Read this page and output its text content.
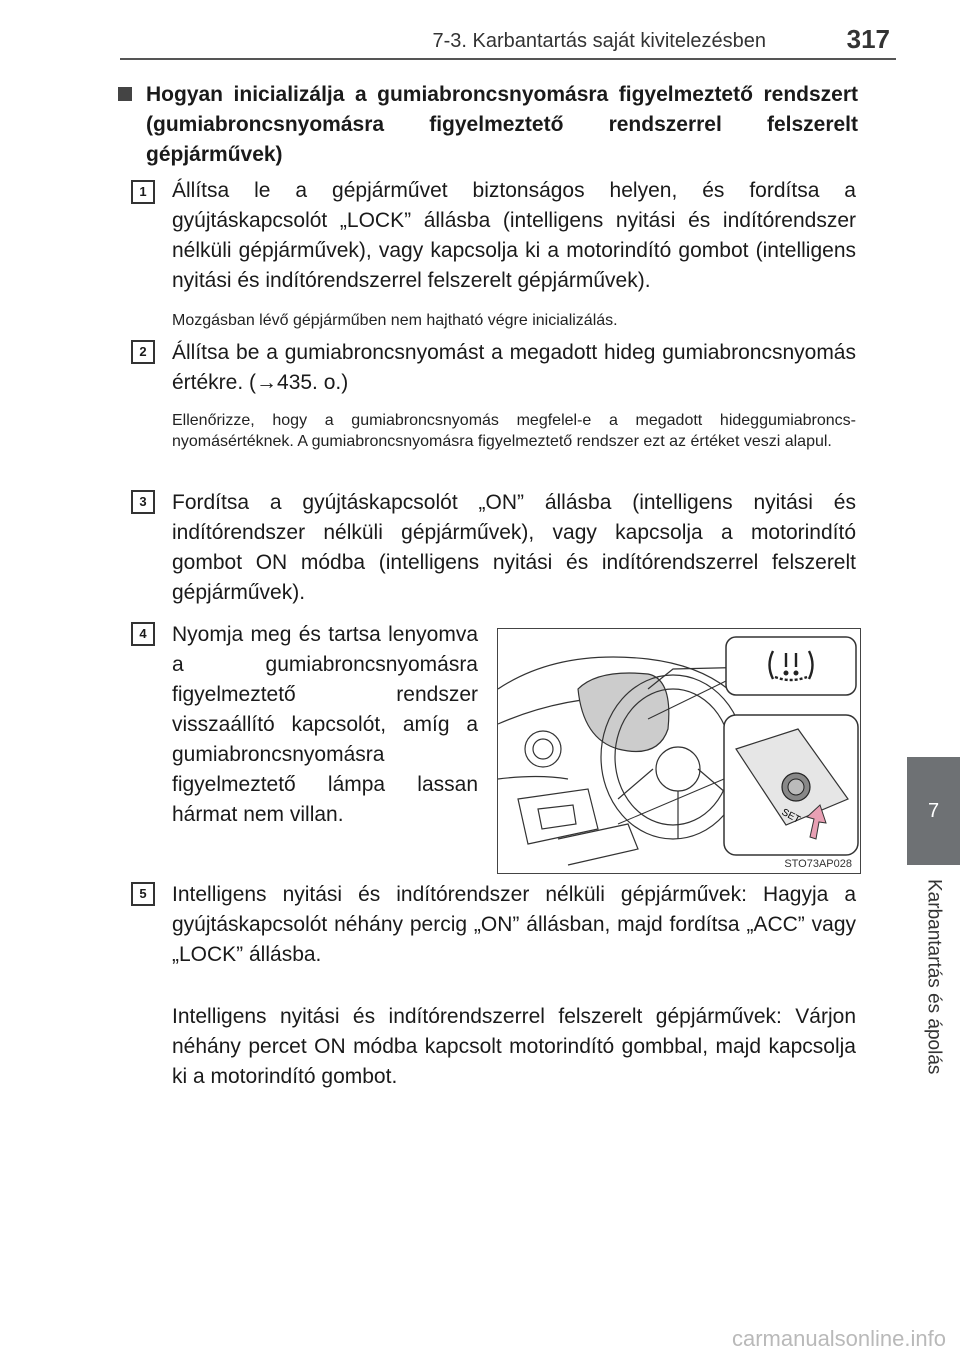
7-3. Karbantartás saját kivitelezésben	317
7
Karbantartás és ápolás
Hogyan inicializálja a gumiabroncsnyomásra figyelmeztető rendszert (gumiabroncsnyomásra figyelmeztető rendszerrel felszerelt gépjárművek)
1	Állítsa le a gépjárművet biztonságos helyen, és fordítsa a gyújtáskapcsolót „LOCK” állásba (intelligens nyitási és indítórendszer nélküli gépjárművek), vagy kapcsolja ki a motorindító gombot (intelligens nyitási és indítórendszerrel felszerelt gépjárművek).
Mozgásban lévő gépjárműben nem hajtható végre inicializálás.
2	Állítsa be a gumiabroncsnyomást a megadott hideg gumiabroncsnyomás értékre. (→435. o.)
Ellenőrizze, hogy a gumiabroncsnyomás megfelel-e a megadott hideggumiabroncs-nyomásértéknek. A gumiabroncsnyomásra figyelmeztető rendszer ezt az értéket veszi alapul.
3	Fordítsa a gyújtáskapcsolót „ON” állásba (intelligens nyitási és indítórendszer nélküli gépjárművek), vagy kapcsolja a motorindító gombot ON módba (intelligens nyitási és indítórendszerrel felszerelt gépjárművek).
4	Nyomja meg és tartsa lenyomva a gumiabroncsnyomásra figyelmeztető rendszer visszaállító kapcsolót, amíg a gumiabroncsnyomásra figyelmeztető lámpa lassan hármat nem villan.	SET
STO73AP028
5	Intelligens nyitási és indítórendszer nélküli gépjárművek: Hagyja a gyújtáskapcsolót néhány percig „ON” állásban, majd fordítsa „ACC” vagy „LOCK” állásba.
Intelligens nyitási és indítórendszerrel felszerelt gépjárművek: Várjon néhány percet ON módba kapcsolt motorindító gombbal, majd kapcsolja ki a motorindító gombot.
carmanualsonline.info
